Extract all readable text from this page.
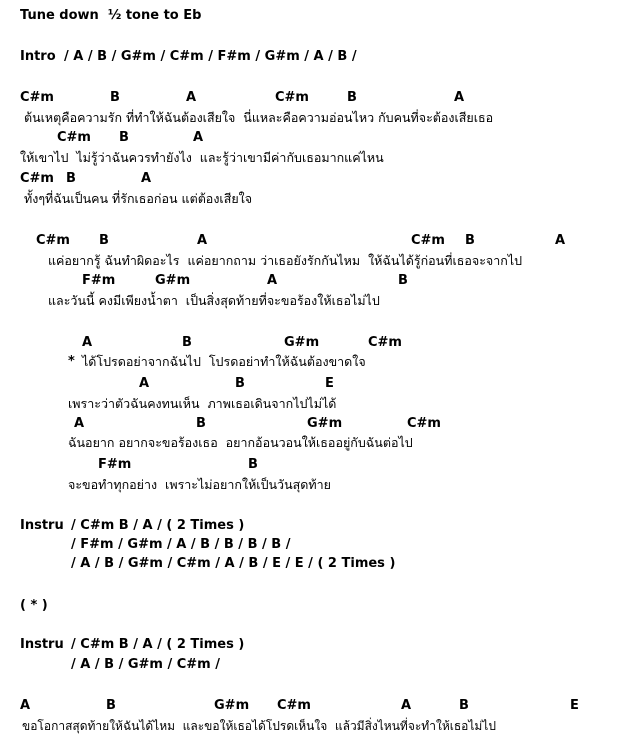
Tune down  ½ tone to Eb
Intro / A / B / G#m / C#m / F#m / G#m / A / B /
C#m	B	A	C#m	B	A
ต้นเหตุคือความรัก ที่ทำให้ฉันต้องเสียใจ  นี่แหละคือความอ่อนไหว กับคนที่จะต้องเสียเธอ
C#m B	A
ให้เขาไป  ไม่รู้ว่าฉันควรทำยังไง  และรู้ว่าเขามีค่ากับเธอมากแค่ไหน
C#m B	A
ทั้งๆที่ฉันเป็นคน ที่รักเธอก่อน แต่ต้องเสียใจ
C#m B	A	C#m B	A
แค่อยากรู้ ฉันทำผิดอะไร  แค่อยากถาม ว่าเธอยังรักกันไหม  ให้ฉันได้รู้ก่อนที่เธอจะจากไป
F#m	G#m	A	B
และวันนี้ คงมีเพียงน้ำตา  เป็นสิ่งสุดท้ายที่จะขอร้องให้เธอไม่ไป
A	B	G#m	C#m
* ได้โปรดอย่าจากฉันไป  โปรดอย่าทำให้ฉันต้องขาดใจ
A	B	E
เพราะว่าตัวฉันคงทนเห็น  ภาพเธอเดินจากไปไม่ได้
A	B	G#m	C#m
ฉันอยาก อยากจะขอร้องเธอ  อยากอ้อนวอนให้เธออยู่กับฉันต่อไป
F#m	B
จะขอทำทุกอย่าง  เพราะไม่อยากให้เป็นวันสุดท้าย
Instru / C#m B / A / ( 2 Times )
/ F#m / G#m / A / B / B / B / B /
/ A / B / G#m / C#m / A / B / E / E / ( 2 Times )
( * )
Instru / C#m B / A / ( 2 Times )
/ A / B / G#m / C#m /
A	B	G#m C#m	A	B	E
ขอโอกาสสุดท้ายให้ฉันได้ไหม  และขอให้เธอได้โปรดเห็นใจ  แล้วมีสิ่งไหนที่จะทำให้เธอไม่ไป
